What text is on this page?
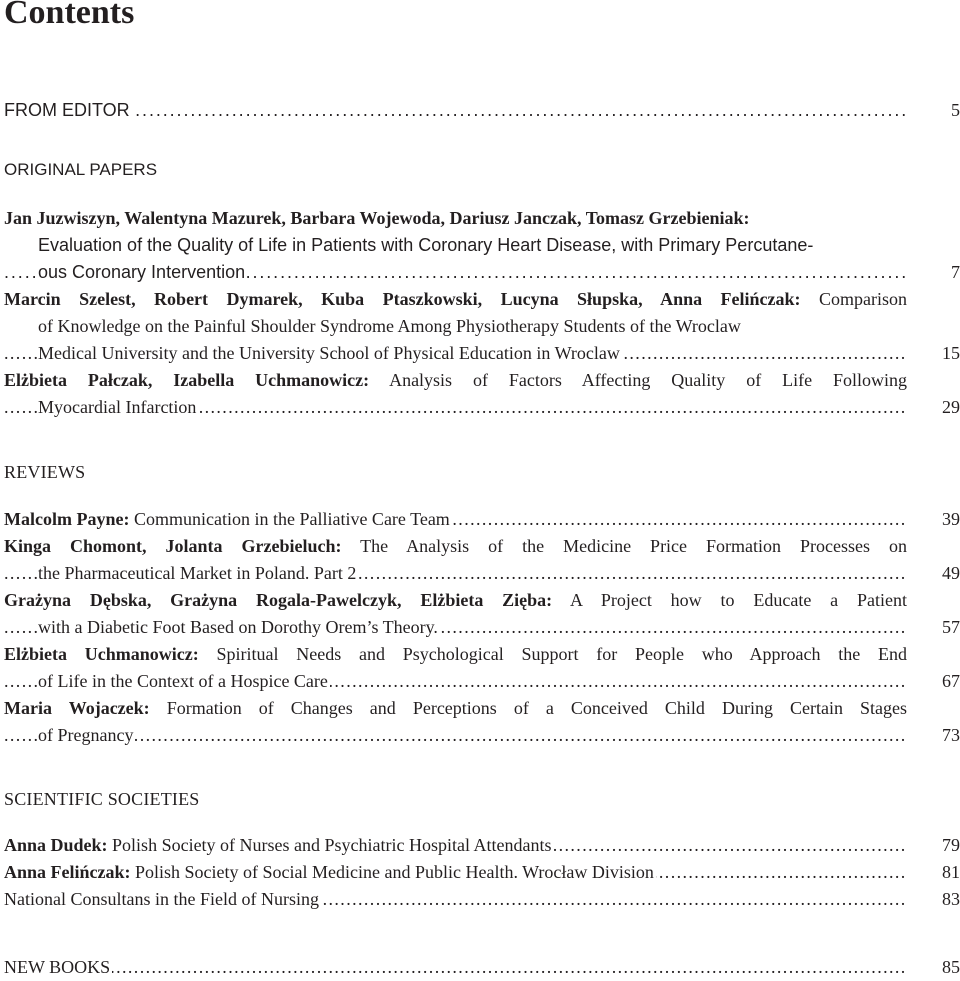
Contents
FROM EDITOR . . .	5
ORIGINAL PAPERS
Jan Juzwiszyn, Walentyna Mazurek, Barbara Wojewoda, Dariusz Janczak, Tomasz Grzebieniak:
Evaluation of the Quality of Life in Patients with Coronary Heart Disease, with Primary Percutane-
ous Coronary Intervention . . .	7
Marcin Szelest, Robert Dymarek, Kuba Ptaszkowski, Lucyna Słupska, Anna Felińczak: Comparison
of Knowledge on the Painful Shoulder Syndrome Among Physiotherapy Students of the Wroclaw
Medical University and the University School of Physical Education in Wroclaw . . .	15
Elżbieta Pałczak, Izabella Uchmanowicz: Analysis of Factors Affecting Quality of Life Following
Myocardial Infarction . . .	29
REVIEWS
Malcolm Payne: Communication in the Palliative Care Team . . .	39
Kinga Chomont, Jolanta Grzebieluch: The Analysis of the Medicine Price Formation Processes on
the Pharmaceutical Market in Poland. Part 2 . . .	49
Grażyna Dębska, Grażyna Rogala-Pawelczyk, Elżbieta Zięba: A Project how to Educate a Patient
with a Diabetic Foot Based on Dorothy Orem’s Theory. . . .	57
Elżbieta Uchmanowicz: Spiritual Needs and Psychological Support for People who Approach the End
of Life in the Context of a Hospice Care . . .	67
Maria Wojaczek: Formation of Changes and Perceptions of a Conceived Child During Certain Stages
of Pregnancy . . .	73
SCIENTIFIC SOCIETIES
Anna Dudek: Polish Society of Nurses and Psychiatric Hospital Attendants . . .	79
Anna Felińczak: Polish Society of Social Medicine and Public Health. Wrocław Division . . .	81
National Consultans in the Field of Nursing . . .	83
NEW BOOKS . . .	85
